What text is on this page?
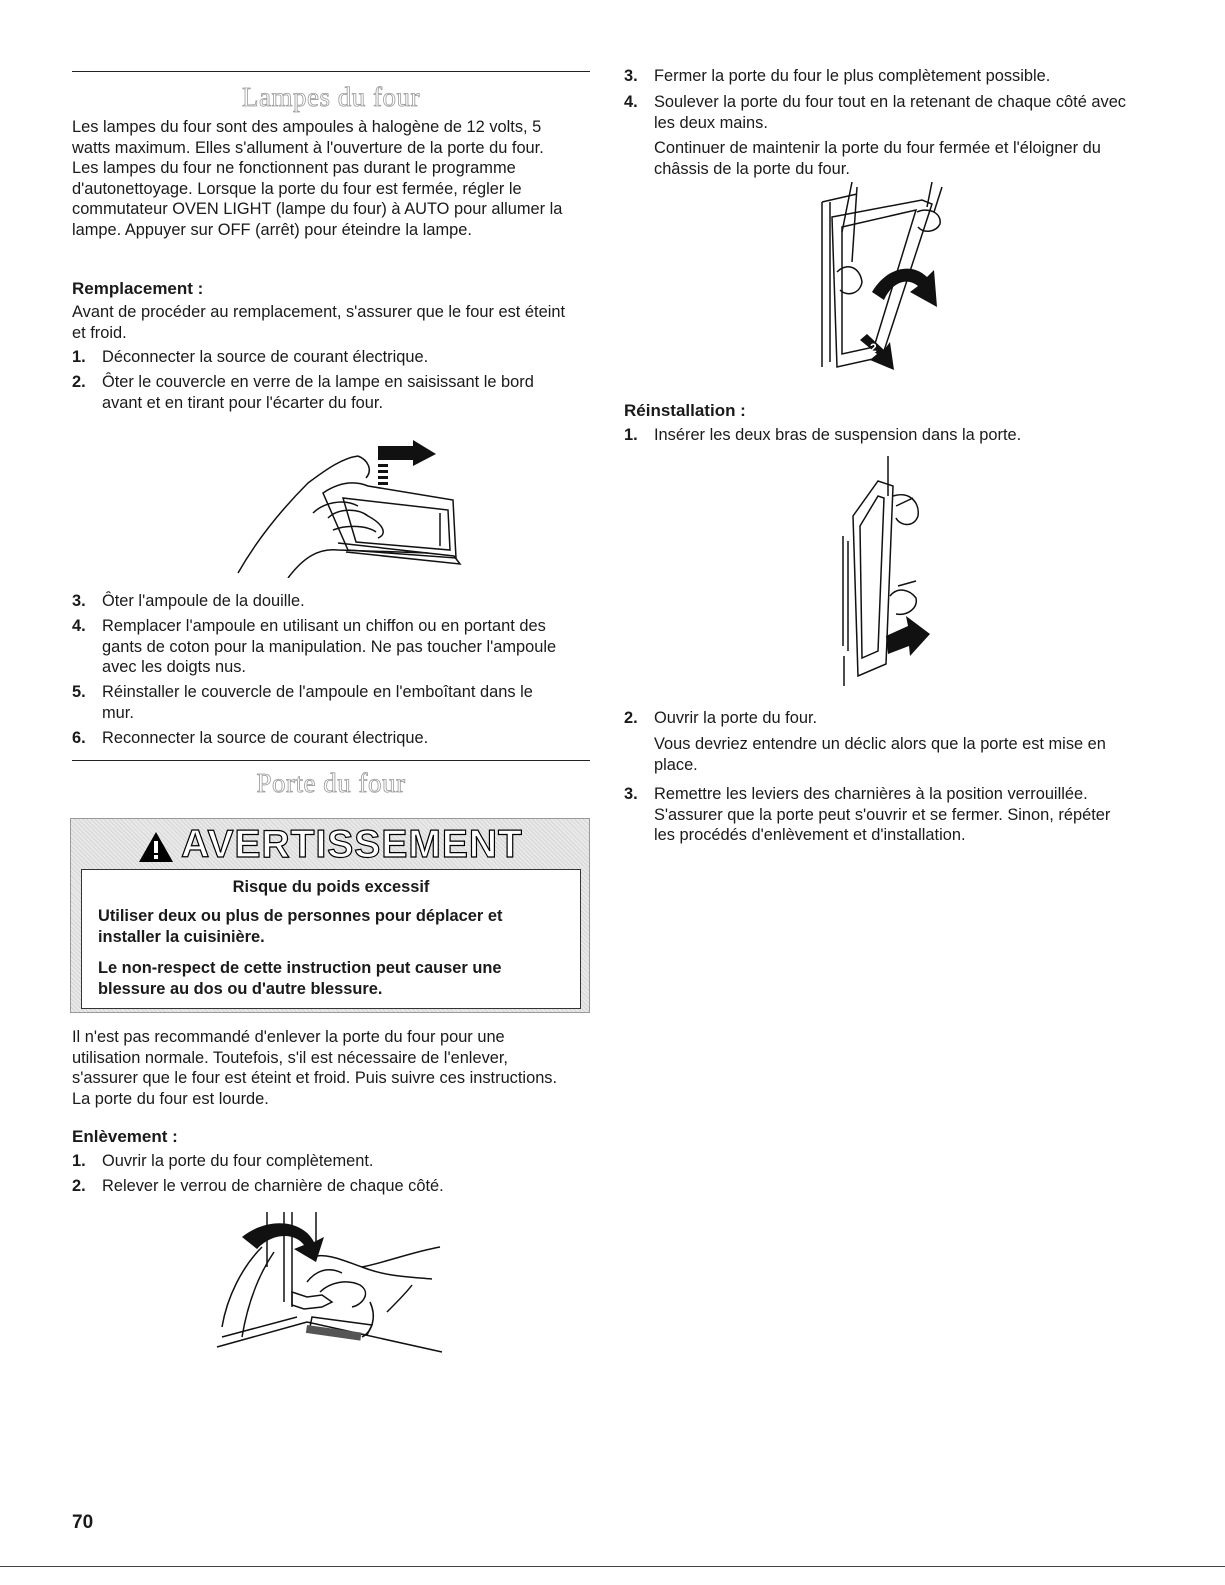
Lampes du four

Les lampes du four sont des ampoules à halogène de 12 volts, 5 watts maximum. Elles s'allument à l'ouverture de la porte du four. Les lampes du four ne fonctionnent pas durant le programme d'autonettoyage. Lorsque la porte du four est fermée, régler le commutateur OVEN LIGHT (lampe du four) à AUTO pour allumer la lampe. Appuyer sur OFF (arrêt) pour éteindre la lampe.

Remplacement :

Avant de procéder au remplacement, s'assurer que le four est éteint et froid.

1. Déconnecter la source de courant électrique.
2. Ôter le couvercle en verre de la lampe en saisissant le bord avant et en tirant pour l'écarter du four.
3. Ôter l'ampoule de la douille.
4. Remplacer l'ampoule en utilisant un chiffon ou en portant des gants de coton pour la manipulation. Ne pas toucher l'ampoule avec les doigts nus.
5. Réinstaller le couvercle de l'ampoule en l'emboîtant dans le mur.
6. Reconnecter la source de courant électrique.
Porte du four
AVERTISSEMENT
Risque du poids excessif
Utiliser deux ou plus de personnes pour déplacer et installer la cuisinière.
Le non-respect de cette instruction peut causer une blessure au dos ou d'autre blessure.

Il n'est pas recommandé d'enlever la porte du four pour une utilisation normale. Toutefois, s'il est nécessaire de l'enlever, s'assurer que le four est éteint et froid. Puis suivre ces instructions. La porte du four est lourde.

Enlèvement :

1. Ouvrir la porte du four complètement.
2. Relever le verrou de charnière de chaque côté.
3. Fermer la porte du four le plus complètement possible.
4. Soulever la porte du four tout en la retenant de chaque côté avec les deux mains.

Continuer de maintenir la porte du four fermée et l'éloigner du châssis de la porte du four.

1
2

Réinstallation :

1. Insérer les deux bras de suspension dans la porte.
2. Ouvrir la porte du four.

Vous devriez entendre un déclic alors que la porte est mise en place.

3. Remettre les leviers des charnières à la position verrouillée. S'assurer que la porte peut s'ouvrir et se fermer. Sinon, répéter les procédés d'enlèvement et d'installation.
70
